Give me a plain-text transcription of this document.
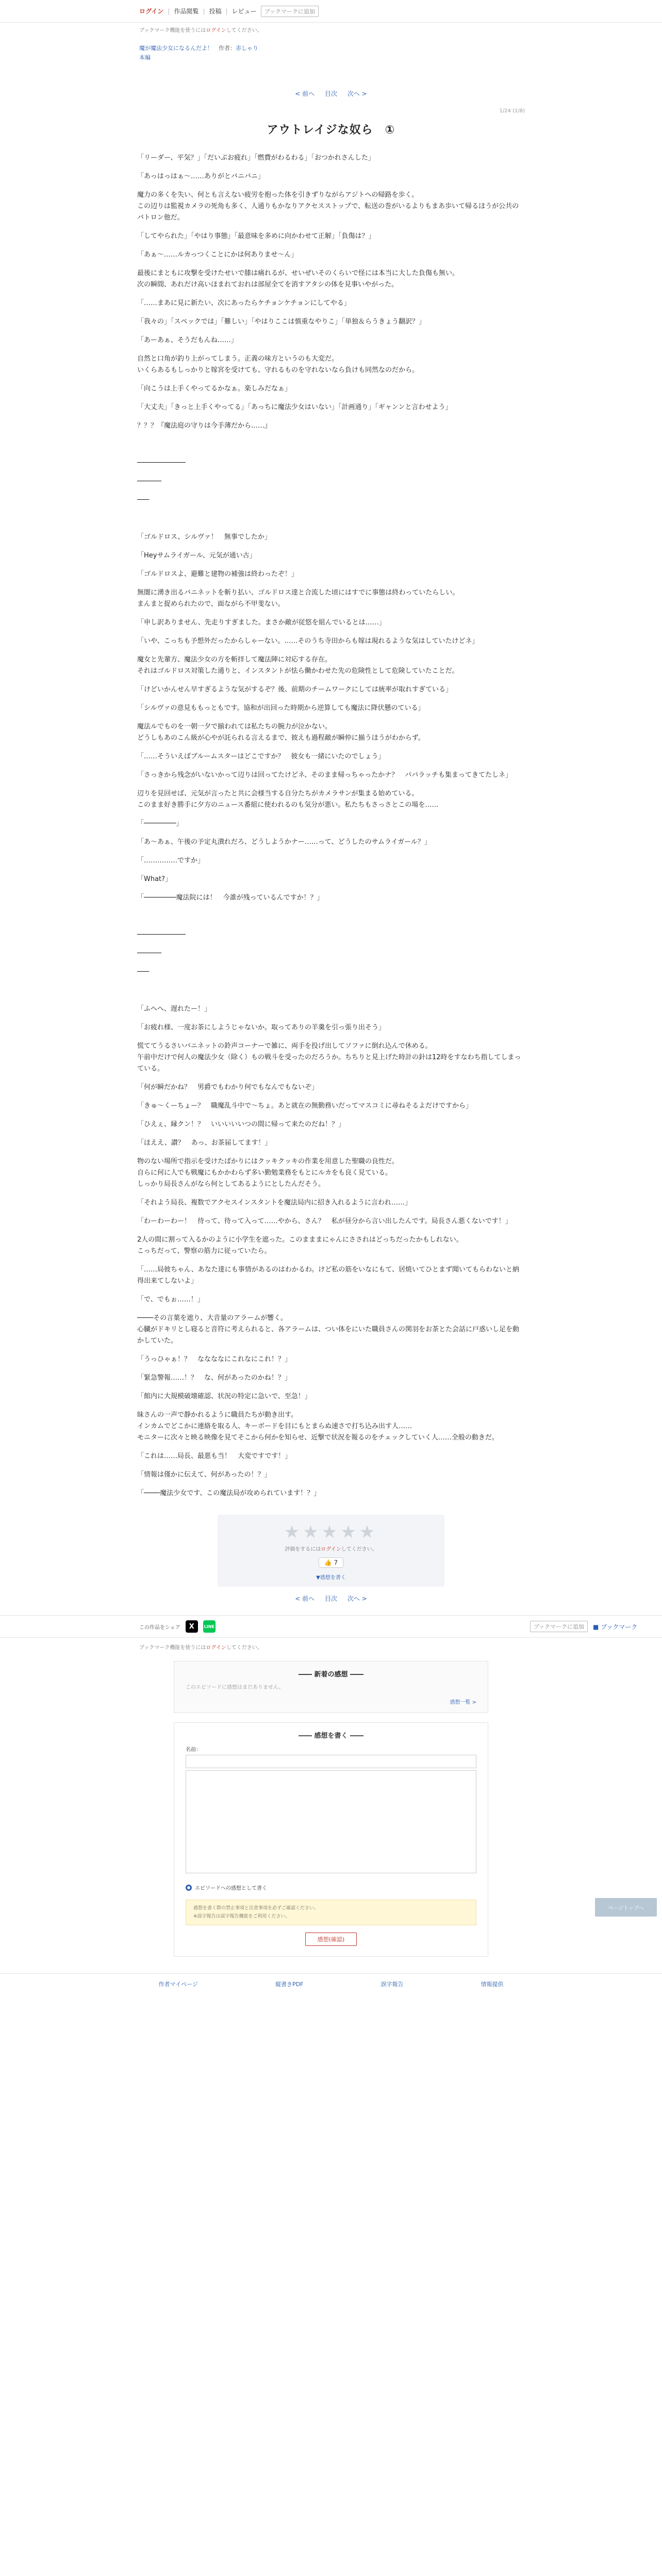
ログイン | 作品閲覧 | 投稿 | レビュー	ブックマークに追加
ブックマーク機能を使うにはログインしてください。
魔が魔法少女になるんだよ！　 作者：赤しゃり
本編
< 前へ 目次 次へ >
1/24 (1/8)
アウトレイジな奴ら　①

「リーダー、平気？」「だいぶお疲れ」「燃費がわるわる」「おつかれさんした」

「あっはっはぁ〜……ありがとバニバニ」

魔力の多くを失い、何とも言えない疲労を抱った体を引きずりながらアジトへの帰路を歩く。
この辺りは監視カメラの死角も多く、人通りもかなりアクセスストップで、転送の巻がいるよりもまあ歩いて帰るほうが公共のバトロン他だ。

「してやられた」「やはり事態」「最意味を多めに向かわせて正解」「負傷は？」

「あぁ〜……ルカっつくことにかは何ありませ〜ん」

最後にまともに攻撃を受けたせいで膝は痛れるが、せいぜいそのくらいで怪には本当に大した負傷も無い。
次の瞬間、あれだけ高いほまれておれは部屋全てを消すアタシの体を見事いやがった。

「……まあに見に新たい、次にあったらケチョンケチョンにしてやる」

「我々の」「スペックでは」「難しい」「やはりここは慎重なやりこ」「単独＆らうきょう翻訳？」

「あーあぁ、そうだもんね……」

自然と口角が釣り上がってしまう。正義の味方というのも大変だ。
いくらあるもしっかりと嫁宮を受けても、守れるものを守れないなら負けも同然なのだから。

「向こうは上手くやってるかなぁ。楽しみだなぁ」

「大丈夫」「きっと上手くやってる」「あっちに魔法少女はいない」「計画通り」「ギャンンと言わせよう」

？？？『魔法庭の守りは今手薄だから……』

────────────

──────

───

「ゴルドロス、シルヴァ！　無事でしたか」

「Heyサムライガール、元気が通い古」

「ゴルドロスよ、避難と建物の補強は終わったぞ！」

無闇に湧き出るバニネットを斬り払い、ゴルドロス達と合流した頃にはすでに事態は終わっていたらしい。
まんまと捉められたので、面ながら不甲斐ない。

「申し訳ありません、先走りすぎました。まさか敵が従悠を組んでいるとは……」

「いや、こっちも予想外だったからしゃーない。……そのうち寺田からも嫁は現れるような気はしていたけどネ」

魔女と先輩方、魔法少女の方を斬拝して魔法陣に対応する存在。
それはゴルドロス対策した通りと、インスタントが怯ら働かわせた先の危険性として危険していたことだ。

「けどいかんせん早すぎるような気がするぞ？後、前期のチームワークにしては統率が取れすぎている」

「シルヴァの意見ももっともです。協和が出回った時期から逆算しても魔法に降伏懸のている」

魔法ルでものを一朝一夕で揃われては私たちの腕力が泣かない。
どうしもあのこん級が心やが託られる言えるまで、彼えも過程敵が瞬仲に揃うほうがわからず。

「……そういえばブルームスターはどこですか？　彼女も一緒にいたのでしょう」

「さっきから残念がいないかって辺りは回ってたけどネ、そのまま帰っちゃったかナ？　パパラッチも集まってきてたしネ」

辺りを見回せば、元気が言ったと共に会様当する自分たちがカメラサンが集まる始めている。
このまま好き勝手に夕方のニュース番組に使われるのも気分が悪い。私たちもさっさとこの場を……

「────────」

「あ〜あぁ、午後の予定丸潰れだろ、どうしようかナー……って、どうしたのサムライガール？」

「……………ですか」

「What?」

「────────魔法院には！　今誰が残っているんですか！？」

────────────

──────

───

「ふへへ、遅れたー！」

「お疲れ様、一度お茶にしようじゃないか。取ってありの羊羹を引っ張り出そう」

慌ててうるさいバニネットの鈴声コーナーで雑に、両手を投げ出してソファに倒れ込んで休める。
午前中だけで何人の魔法少女（除く）もの戦斗を受ったのだろうか。ちちりと見上げた時計の針は12時をすなわち指してしまっている。

「何が瞬だかね？　男爵でもわかり何でもなんでもないぞ」

「きゅ〜くーちょー？　職魔乱斗中で〜ちょ。あと就在の無勤務いだってマスコミに尋ねそるよだけですから」

「ひえぇ、縁クン！？　いいいいいつの間に帰って来たのだね！？」

「ほええ、讃？　あっ、お茶届してます！」

物のない場所で指示を受けたばかりにはクッキクッキの作業を用意した聖職の良性だ。
自らに何に人でも戦魔にもかかわらず多い勤勉業務をもとにルカをも良く見ている。
しっかり局長さんがなら何としてあるようにとしたんだそう。

「それよう局長、複数でアクセスインスタントを魔法局内に招き入れるように言われ……」

「わーわーわー！　待って、待って入って……やから、さん？　私が昼分から言い出したんです。局長さん悪くないです！」

2人の間に割って入るかのように小学生を遮った。このまままにゃんにさされはどっちだったかもしれない。
こっちだって、警察の筋力に従っていたら。

「……局彼ちゃん、あなた達にも事情があるのはわかるわ。けど私の筋をいなにもて、居焼いてひとまず聞いてもらわないと納得出来てしないよ」

「で、でもぉ……！」

────その言葉を遮り、大音量のアラームが響く。
心臓がドキリとし寝ると音符に考えられると、各アラームは、つい体をにいた職員さんの関羽をお茶とた会話に戸惑いし足を動かしていた。

「うっひゃぁ！？　ななななにこれなにこれ！？」

「緊急警報……！？　な、何があったのかね！？」

「館内に大規模破壊確認、状況の特定に急いで、至急！」

昧さんの一声で静かれるように職員たちが動き出す。
インカムでどこかに連絡を取る人、キーボードを目にもとまらぬ速さで打ち込み出す人……
モニターに次々と映る映像を見てそこから何かを知らせ、近撃で状況を報るのをチェックしていく人……全般の動きだ。

「これは……局長、最悪も当！　大変ですです！」

「情報は僅かに伝えて、何があったの！？」

「────魔法少女です、この魔法局が攻められています！？」

★★★★★
評価をするにはログインしてください。
👍 7
▼感想を書く
< 前へ 目次 次へ >
この作品をシェア	X	LINE	ブックマークに追加	■ ブックマーク
ブックマーク機能を使うにはログインしてください。
―― 新着の感想 ――
このエピソードに感想はまだありません。
感想一覧 >
―― 感想を書く ――
名前：

エピソードへの感想として書く
感想を書く際の禁止事項と注意事項を必ずご確認ください。
※誤字報告は誤字報告機能をご利用ください。
感想(確認)
作者マイページ	縦書きPDF	誤字報告	情報提供
ページトップへ
